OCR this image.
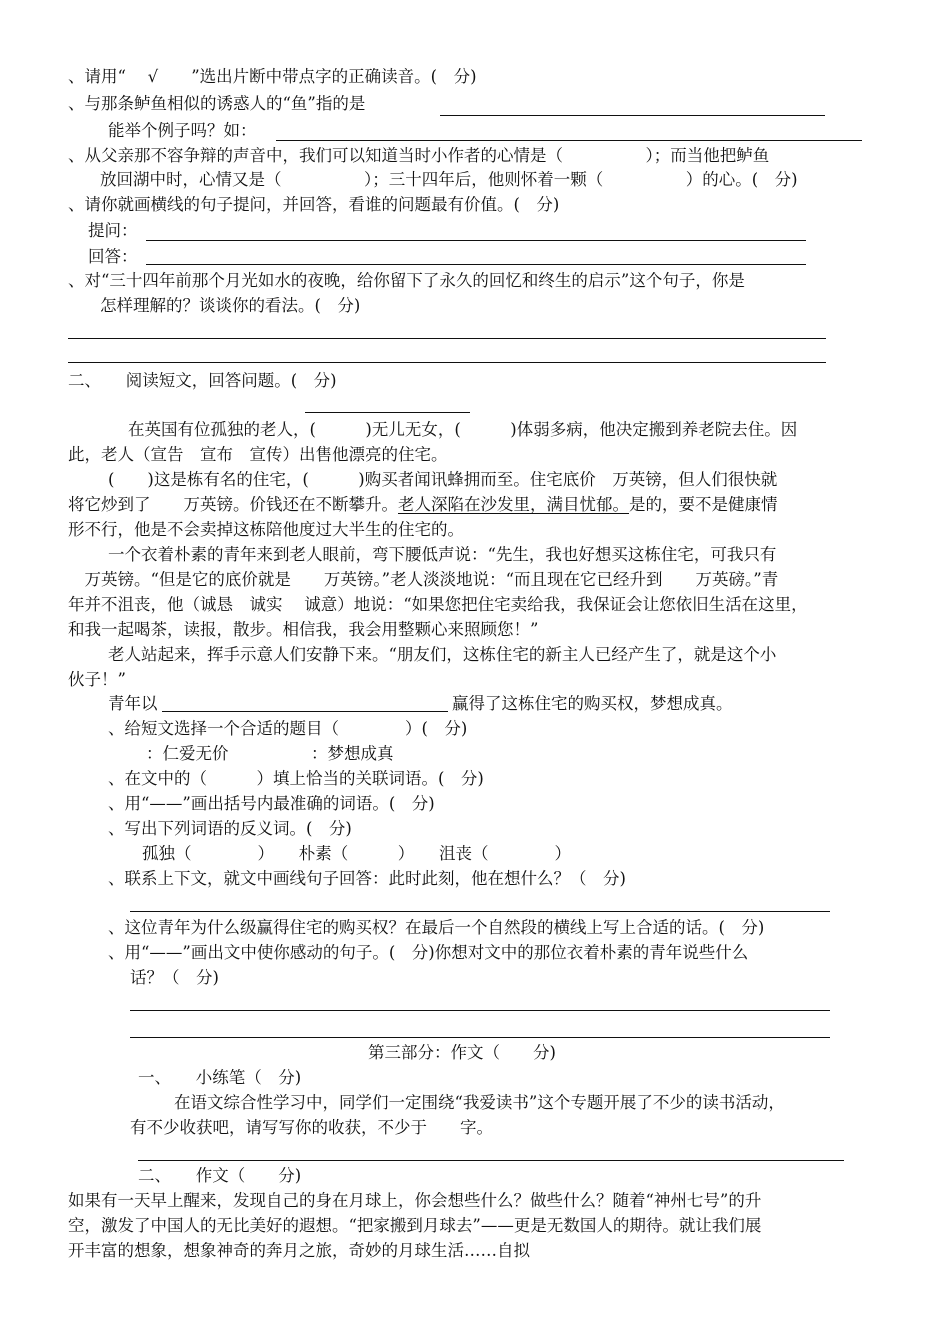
、请用“　 √　　”选出片断中带点字的正确读音。(　分)
、与那条鲈鱼相似的诱惑人的“鱼”指的是
能举个例子吗？如：
、从父亲那不容争辩的声音中，我们可以知道当时小作者的心情是（　　　　　）；而当他把鲈鱼
放回湖中时，心情又是（　　　　　）；三十四年后，他则怀着一颗（　　　　　）的心。(　分)
、请你就画横线的句子提问，并回答，看谁的问题最有价值。(　分)
提问：
回答：
、对“三十四年前那个月光如水的夜晚，给你留下了永久的回忆和终生的启示”这个句子，你是
怎样理解的？谈谈你的看法。(　分)
二、　　阅读短文，回答问题。(　分)
在英国有位孤独的老人，(　　　)无儿无女，(　　　)体弱多病，他决定搬到养老院去住。因
此，老人（宣告　宣布　宣传）出售他漂亮的住宅。
(　　)这是栋有名的住宅，(　　　)购买者闻讯蜂拥而至。住宅底价　万英镑，但人们很快就
将它炒到了　　万英镑。价钱还在不断攀升。老人深陷在沙发里，满目忧郁。是的，要不是健康情
形不行，他是不会卖掉这栋陪他度过大半生的住宅的。
一个衣着朴素的青年来到老人眼前，弯下腰低声说：“先生，我也好想买这栋住宅，可我只有
　万英镑。“但是它的底价就是　　万英镑。”老人淡淡地说：“而且现在它已经升到　　万英磅。”青
年并不沮丧，他（诚恳　诚实　 诚意）地说：“如果您把住宅卖给我，我保证会让您依旧生活在这里，
和我一起喝茶，读报，散步。相信我，我会用整颗心来照顾您！”
老人站起来，挥手示意人们安静下来。“朋友们，这栋住宅的新主人已经产生了，就是这个小
伙子！”
青年以	赢得了这栋住宅的购买权，梦想成真。
、给短文选择一个合适的题目（　　　　）(　分)
：仁爱无价　　　　　：梦想成真
、在文中的（　　　）填上恰当的关联词语。(　分)
、用“——”画出括号内最准确的词语。(　分)
、写出下列词语的反义词。(　分)
孤独（　　　　）　　朴素（　　　）　　沮丧（　　　　）
、联系上下文，就文中画线句子回答：此时此刻，他在想什么？（　分)
、这位青年为什么级赢得住宅的购买权？在最后一个自然段的横线上写上合适的话。(　分)
、用“——”画出文中使你感动的句子。(　分)你想对文中的那位衣着朴素的青年说些什么
话？（　分)
第三部分：作文（　　分)
一、　　小练笔（　分)
在语文综合性学习中，同学们一定围绕“我爱读书”这个专题开展了不少的读书活动，
有不少收获吧，请写写你的收获，不少于　　字。
二、　　作文（　　分)
如果有一天早上醒来，发现自己的身在月球上，你会想些什么？做些什么？随着“神州七号”的升
空，激发了中国人的无比美好的遐想。“把家搬到月球去”——更是无数国人的期待。就让我们展
开丰富的想象，想象神奇的奔月之旅，奇妙的月球生活……自拟
